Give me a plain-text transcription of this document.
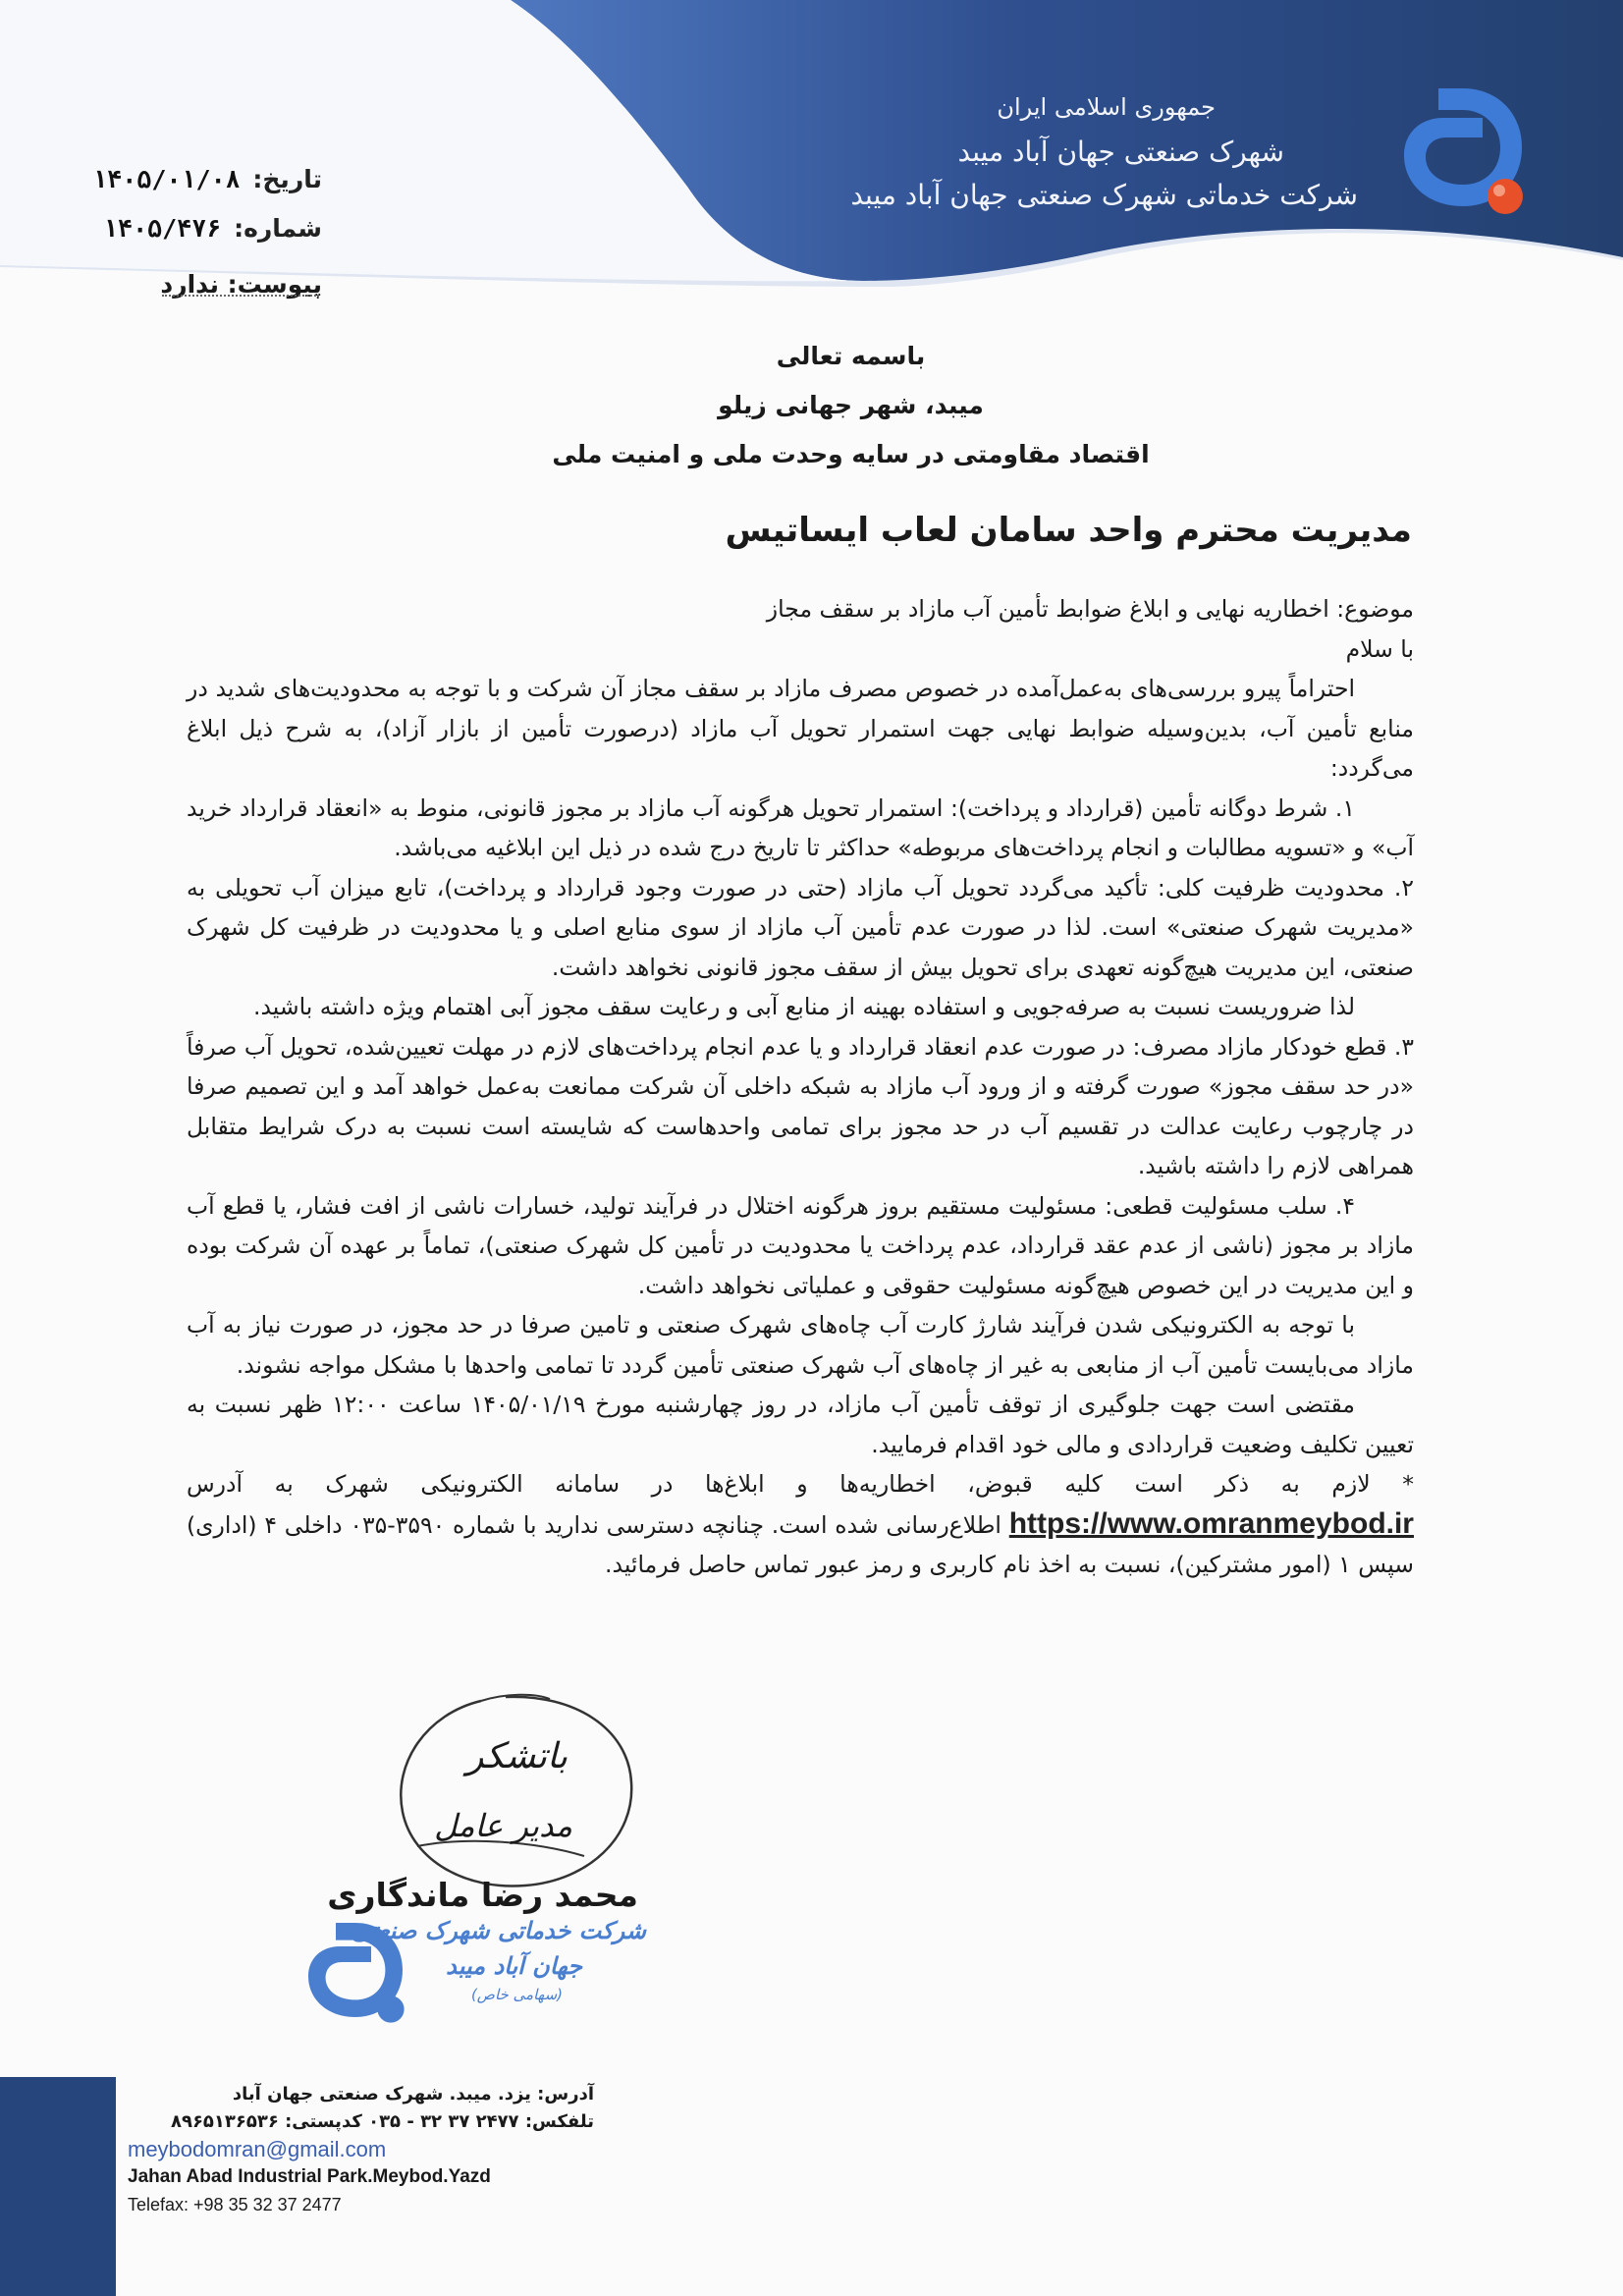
جمهوری اسلامی ایران
شهرک صنعتی جهان آباد میبد
شرکت خدماتی شهرک صنعتی جهان آباد میبد
تاریخ: ۱۴۰۵/۰۱/۰۸
شماره: ۱۴۰۵/۴۷۶
پیوست: ندارد
باسمه تعالی
میبد، شهر جهانی زیلو
اقتصاد مقاومتی در سایه وحدت ملی و امنیت ملی
مدیریت محترم واحد سامان لعاب ایساتیس

موضوع: اخطاریه نهایی و ابلاغ ضوابط تأمین آب مازاد بر سقف مجاز

با سلام

احتراماً پیرو بررسی‌های به‌عمل‌آمده در خصوص مصرف مازاد بر سقف مجاز آن شرکت و با توجه به محدودیت‌های شدید در منابع تأمین آب، بدین‌وسیله ضوابط نهایی جهت استمرار تحویل آب مازاد (درصورت تأمین از بازار آزاد)، به شرح ذیل ابلاغ می‌گردد:

۱. شرط دوگانه تأمین (قرارداد و پرداخت): استمرار تحویل هرگونه آب مازاد بر مجوز قانونی، منوط به «انعقاد قرارداد خرید آب» و «تسویه مطالبات و انجام پرداخت‌های مربوطه» حداکثر تا تاریخ درج شده در ذیل این ابلاغیه می‌باشد.

۲. محدودیت ظرفیت کلی: تأکید می‌گردد تحویل آب مازاد (حتی در صورت وجود قرارداد و پرداخت)، تابع میزان آب تحویلی به «مدیریت شهرک صنعتی» است. لذا در صورت عدم تأمین آب مازاد از سوی منابع اصلی و یا محدودیت در ظرفیت کل شهرک صنعتی، این مدیریت هیچ‌گونه تعهدی برای تحویل بیش از سقف مجوز قانونی نخواهد داشت.

لذا ضروریست نسبت به صرفه‌جویی و استفاده بهینه از منابع آبی و رعایت سقف مجوز آبی اهتمام ویژه داشته باشید.

۳. قطع خودکار مازاد مصرف: در صورت عدم انعقاد قرارداد و یا عدم انجام پرداخت‌های لازم در مهلت تعیین‌شده، تحویل آب صرفاً «در حد سقف مجوز» صورت گرفته و از ورود آب مازاد به شبکه داخلی آن شرکت ممانعت به‌عمل خواهد آمد و این تصمیم صرفا در چارچوب رعایت عدالت در تقسیم آب در حد مجوز برای تمامی واحدهاست که شایسته است نسبت به درک شرایط متقابل همراهی لازم را داشته باشید.

۴. سلب مسئولیت قطعی: مسئولیت مستقیم بروز هرگونه اختلال در فرآیند تولید، خسارات ناشی از افت فشار، یا قطع آب مازاد بر مجوز (ناشی از عدم عقد قرارداد، عدم پرداخت یا محدودیت در تأمین کل شهرک صنعتی)، تماماً بر عهده آن شرکت بوده و این مدیریت در این خصوص هیچ‌گونه مسئولیت حقوقی و عملیاتی نخواهد داشت.

با توجه به الکترونیکی شدن فرآیند شارژ کارت آب چاه‌های شهرک صنعتی و تامین صرفا در حد مجوز، در صورت نیاز به آب مازاد می‌بایست تأمین آب از منابعی به غیر از چاه‌های آب شهرک صنعتی تأمین گردد تا تمامی واحدها با مشکل مواجه نشوند.

مقتضی است جهت جلوگیری از توقف تأمین آب مازاد، در روز چهارشنبه مورخ ۱۴۰۵/۰۱/۱۹ ساعت ۱۲:۰۰ ظهر نسبت به تعیین تکلیف وضعیت قراردادی و مالی خود اقدام فرمایید.

* لازم به ذکر است کلیه قبوض، اخطاریه‌ها و ابلاغ‌ها در سامانه الکترونیکی شهرک به آدرس https://www.omranmeybod.ir اطلاع‌رسانی شده است. چنانچه دسترسی ندارید با شماره ۳۵۹۰-۰۳۵ داخلی ۴ (اداری) سپس ۱ (امور مشترکین)، نسبت به اخذ نام کاربری و رمز عبور تماس حاصل فرمائید.

باتشکر
مدیر عامل
محمد رضا ماندگاری
شرکت خدماتی شهرک صنعتی
جهان آباد میبد
(سهامی خاص)
آدرس: یزد. میبد. شهرک صنعتی جهان آباد
تلفکس: ۲۴۷۷ ۳۷ ۳۲ - ۰۳۵ کدپستی: ۸۹۶۵۱۳۶۵۳۶
meybodomran@gmail.com
Jahan Abad Industrial Park.Meybod.Yazd
Telefax: +98 35 32 37 2477
